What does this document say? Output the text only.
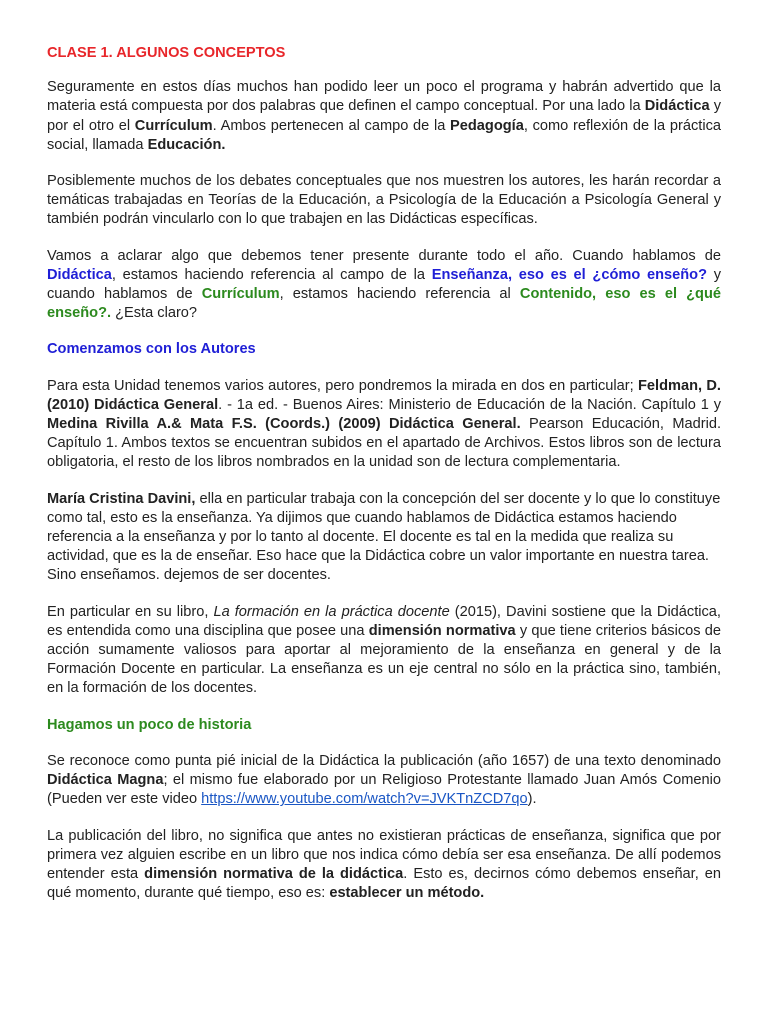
CLASE 1. ALGUNOS CONCEPTOS

Seguramente en estos días muchos han podido leer un poco el programa y habrán advertido que la materia está compuesta por dos palabras que definen el campo conceptual. Por una lado la Didáctica y por el otro el Currículum. Ambos pertenecen al campo de la Pedagogía, como reflexión de la práctica social, llamada Educación.

Posiblemente muchos de los debates conceptuales que nos muestren los autores, les harán recordar a temáticas trabajadas en Teorías de la Educación, a Psicología de la Educación a Psicología General y también podrán vincularlo con lo que trabajen en las Didácticas específicas.

Vamos a aclarar algo que debemos tener presente durante todo el año. Cuando hablamos de Didáctica, estamos haciendo referencia al campo de la Enseñanza, eso es el ¿cómo enseño? y cuando hablamos de Currículum, estamos haciendo referencia al Contenido, eso es el ¿qué enseño?. ¿Esta claro?

Comenzamos con los Autores

Para esta Unidad tenemos varios autores, pero pondremos la mirada en dos en particular; Feldman, D. (2010) Didáctica General. - 1a ed. - Buenos Aires: Ministerio de Educación de la Nación. Capítulo 1 y Medina Rivilla A.& Mata F.S. (Coords.) (2009) Didáctica General. Pearson Educación, Madrid. Capítulo 1. Ambos textos se encuentran subidos en el apartado de Archivos. Estos libros son de lectura obligatoria, el resto de los libros nombrados en la unidad son de lectura complementaria.

María Cristina Davini, ella en particular trabaja con la concepción del ser docente y lo que lo constituye como tal, esto es la enseñanza. Ya dijimos que cuando hablamos de Didáctica estamos haciendo referencia a la enseñanza y por lo tanto al docente. El docente es tal en la medida que realiza su actividad, que es la de enseñar. Eso hace que la Didáctica cobre un valor importante en nuestra tarea. Sino enseñamos. dejemos de ser docentes.

En particular en su libro, La formación en la práctica docente (2015), Davini sostiene que la Didáctica, es entendida como una disciplina que posee una dimensión normativa y que tiene criterios básicos de acción sumamente valiosos para aportar al mejoramiento de la enseñanza en general y de la Formación Docente en particular. La enseñanza es un eje central no sólo en la práctica sino, también, en la formación de los docentes.

Hagamos un poco de historia

Se reconoce como punta pié inicial de la Didáctica la publicación (año 1657) de una texto denominado Didáctica Magna; el mismo fue elaborado por un Religioso Protestante llamado Juan Amós Comenio (Pueden ver este video https://www.youtube.com/watch?v=JVKTnZCD7qo).

La publicación del libro, no significa que antes no existieran prácticas de enseñanza, significa que por primera vez alguien escribe en un libro que nos indica cómo debía ser esa enseñanza. De allí podemos entender esta dimensión normativa de la didáctica. Esto es, decirnos cómo debemos enseñar, en qué momento, durante qué tiempo, eso es: establecer un método.
